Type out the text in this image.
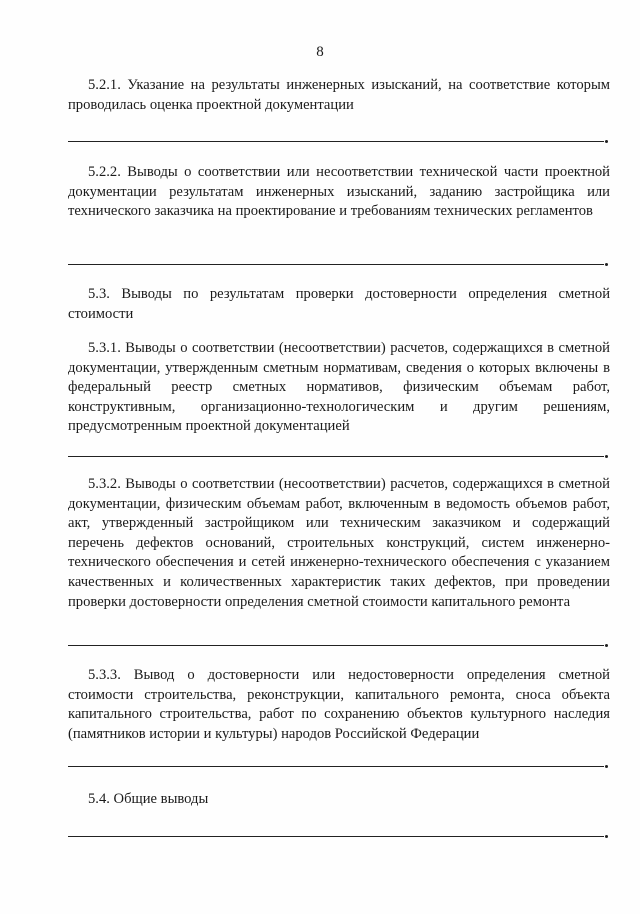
8
5.2.1. Указание на результаты инженерных изысканий, на соответствие которым проводилась оценка проектной документации
5.2.2. Выводы о соответствии или несоответствии технической части проектной документации результатам инженерных изысканий, заданию застройщика или технического заказчика на проектирование и требованиям технических регламентов
5.3. Выводы по результатам проверки достоверности определения сметной стоимости
5.3.1. Выводы о соответствии (несоответствии) расчетов, содержащихся в сметной документации, утвержденным сметным нормативам, сведения о которых включены в федеральный реестр сметных нормативов, физическим объемам работ, конструктивным, организационно-технологическим и другим решениям, предусмотренным проектной документацией
5.3.2. Выводы о соответствии (несоответствии) расчетов, содержащихся в сметной документации, физическим объемам работ, включенным в ведомость объемов работ, акт, утвержденный застройщиком или техническим заказчиком и содержащий перечень дефектов оснований, строительных конструкций, систем инженерно-технического обеспечения и сетей инженерно-технического обеспечения с указанием качественных и количественных характеристик таких дефектов, при проведении проверки достоверности определения сметной стоимости капитального ремонта
5.3.3. Вывод о достоверности или недостоверности определения сметной стоимости строительства, реконструкции, капитального ремонта, сноса объекта капитального строительства, работ по сохранению объектов культурного наследия (памятников истории и культуры) народов Российской Федерации
5.4. Общие выводы
